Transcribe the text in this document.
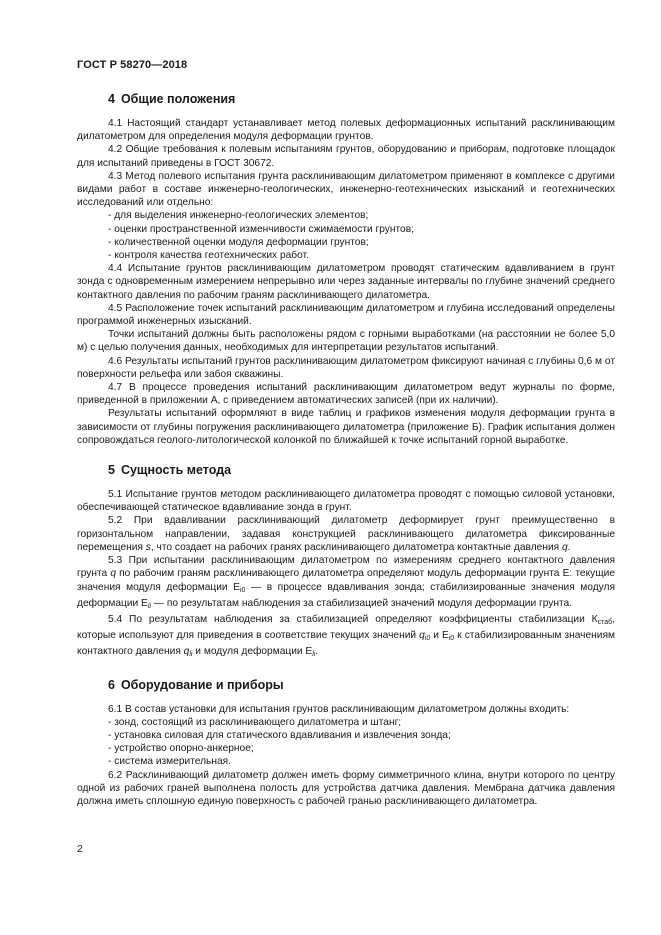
ГОСТ Р 58270—2018
4 Общие положения

4.1 Настоящий стандарт устанавливает метод полевых деформационных испытаний расклинивающим дилатометром для определения модуля деформации грунтов.

4.2 Общие требования к полевым испытаниям грунтов, оборудованию и приборам, подготовке площадок для испытаний приведены в ГОСТ 30672.

4.3 Метод полевого испытания грунта расклинивающим дилатометром применяют в комплексе с другими видами работ в составе инженерно-геологических, инженерно-геотехнических изысканий и геотехнических исследований или отдельно:

- для выделения инженерно-геологических элементов;

- оценки пространственной изменчивости сжимаемости грунтов;

- количественной оценки модуля деформации грунтов;

- контроля качества геотехнических работ.

4.4 Испытание грунтов расклинивающим дилатометром проводят статическим вдавливанием в грунт зонда с одновременным измерением непрерывно или через заданные интервалы по глубине значений среднего контактного давления по рабочим граням расклинивающего дилатометра.

4.5 Расположение точек испытаний расклинивающим дилатометром и глубина исследований определены программой инженерных изысканий.

Точки испытаний должны быть расположены рядом с горными выработками (на расстоянии не более 5,0 м) с целью получения данных, необходимых для интерпретации результатов испытаний.

4.6 Результаты испытаний грунтов расклинивающим дилатометром фиксируют начиная с глубины 0,6 м от поверхности рельефа или забоя скважины.

4.7 В процессе проведения испытаний расклинивающим дилатометром ведут журналы по форме, приведенной в приложении А, с приведением автоматических записей (при их наличии).

Результаты испытаний оформляют в виде таблиц и графиков изменения модуля деформации грунта в зависимости от глубины погружения расклинивающего дилатометра (приложение Б). График испытания должен сопровождаться геолого-литологической колонкой по ближайшей к точке испытаний горной выработке.

5 Сущность метода

5.1 Испытание грунтов методом расклинивающего дилатометра проводят с помощью силовой установки, обеспечивающей статическое вдавливание зонда в грунт.

5.2 При вдавливании расклинивающий дилатометр деформирует грунт преимущественно в горизонтальном направлении, задавая конструкцией расклинивающего дилатометра фиксированные перемещения s, что создает на рабочих гранях расклинивающего дилатометра контактные давления q.

5.3 При испытании расклинивающим дилатометром по измерениям среднего контактного давления грунта q по рабочим граням расклинивающего дилатометра определяют модуль деформации грунта Е: текущие значения модуля деформации $Е_{i0}$ — в процессе вдавливания зонда; стабилизированные значения модуля деформации $Е_{li}$ — по результатам наблюдения за стабилизацией значений модуля деформации грунта.

5.4 По результатам наблюдения за стабилизацией определяют коэффициенты стабилизации $К_{стаб}$, которые используют для приведения в соответствие текущих значений $q_{i0}$ и $Е_{i0}$ к стабилизированным значениям контактного давления $q_{li}$ и модуля деформации $Е_{li}$.

6 Оборудование и приборы

6.1 В состав установки для испытания грунтов расклинивающим дилатометром должны входить:

- зонд, состоящий из расклинивающего дилатометра и штанг;

- установка силовая для статического вдавливания и извлечения зонда;

- устройство опорно-анкерное;

- система измерительная.

6.2 Расклинивающий дилатометр должен иметь форму симметричного клина, внутри которого по центру одной из рабочих граней выполнена полость для устройства датчика давления. Мембрана датчика давления должна иметь сплошную единую поверхность с рабочей гранью расклинивающего дилатометра.

2
